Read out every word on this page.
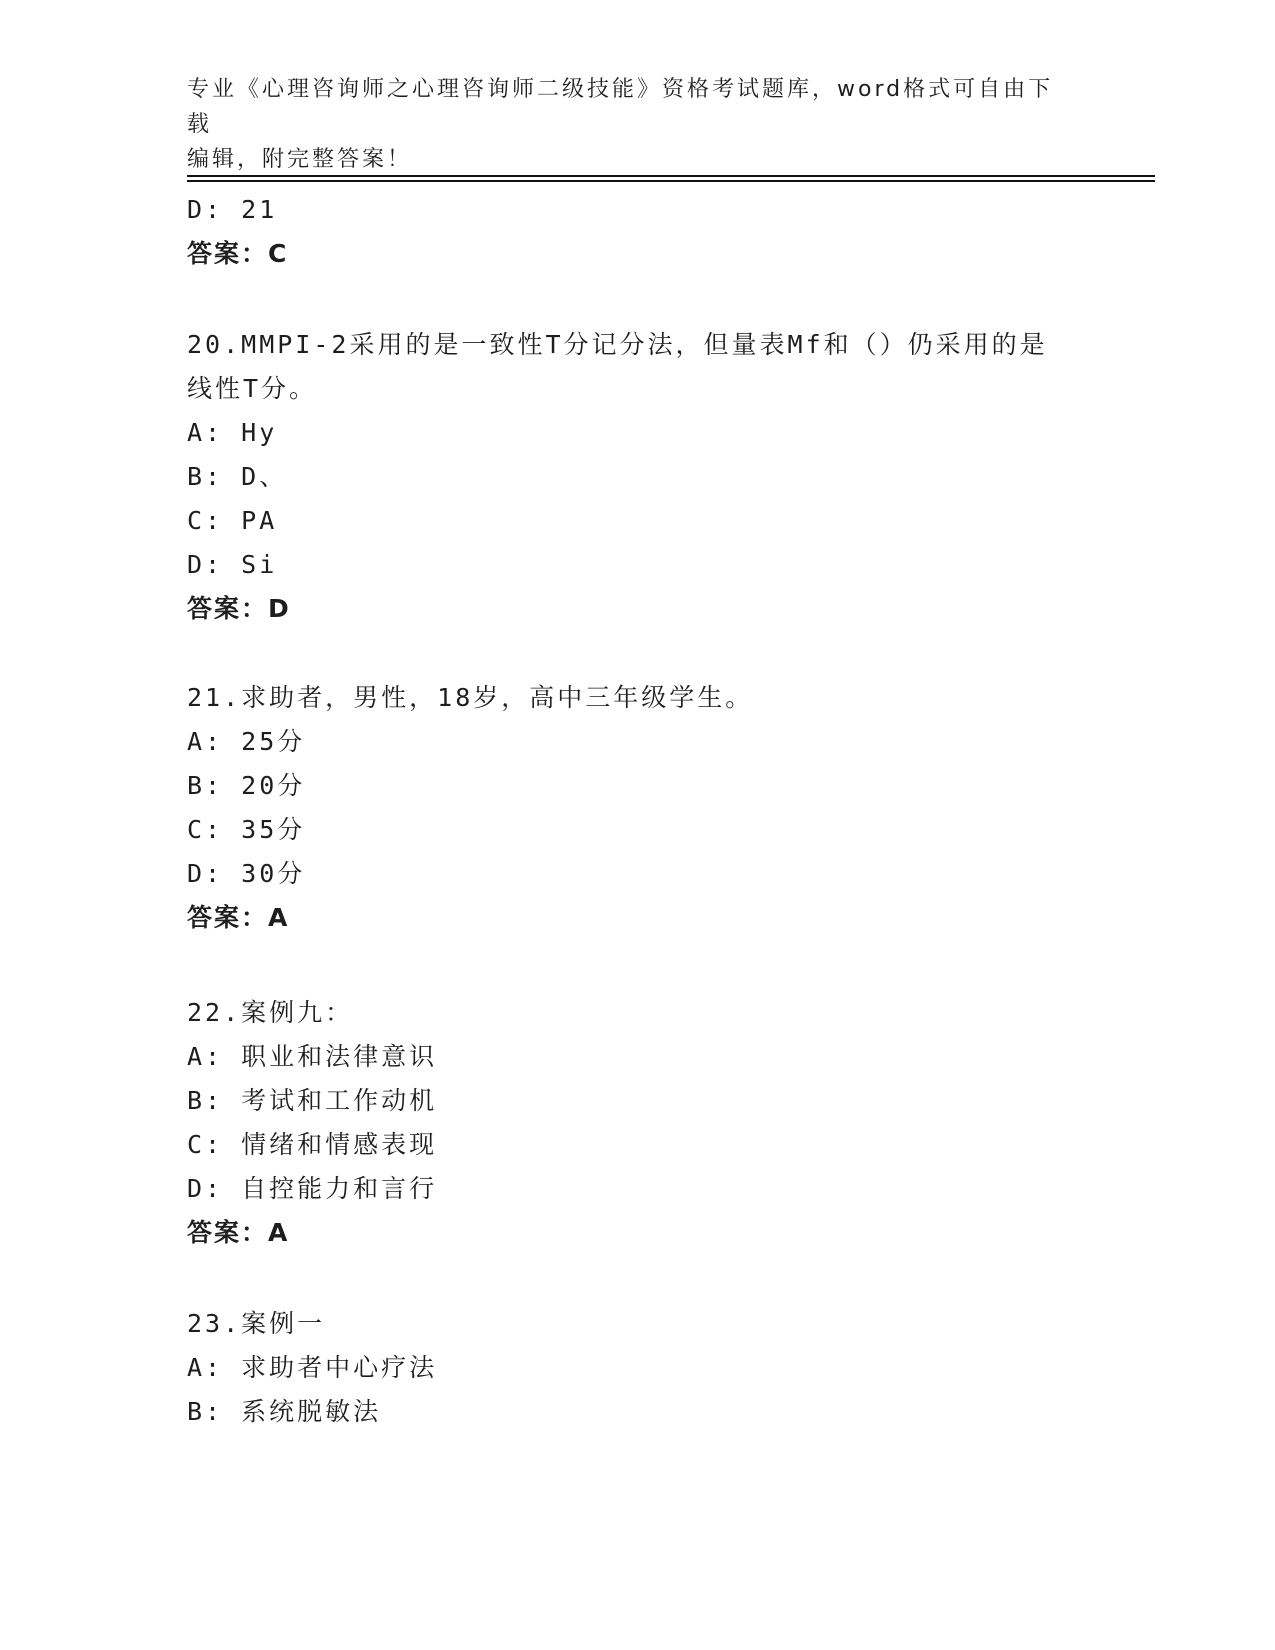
专业《心理咨询师之心理咨询师二级技能》资格考试题库，word格式可自由下载
编辑，附完整答案！
D: 21
答案：C
20.MMPI-2采用的是一致性T分记分法，但量表Mf和（）仍采用的是
线性T分。
A: Hy
B: D、
C: PA
D: Si
答案：D
21.求助者，男性，18岁，高中三年级学生。
A: 25分
B: 20分
C: 35分
D: 30分
答案：A
22.案例九：
A: 职业和法律意识
B: 考试和工作动机
C: 情绪和情感表现
D: 自控能力和言行
答案：A
23.案例一
A: 求助者中心疗法
B: 系统脱敏法
